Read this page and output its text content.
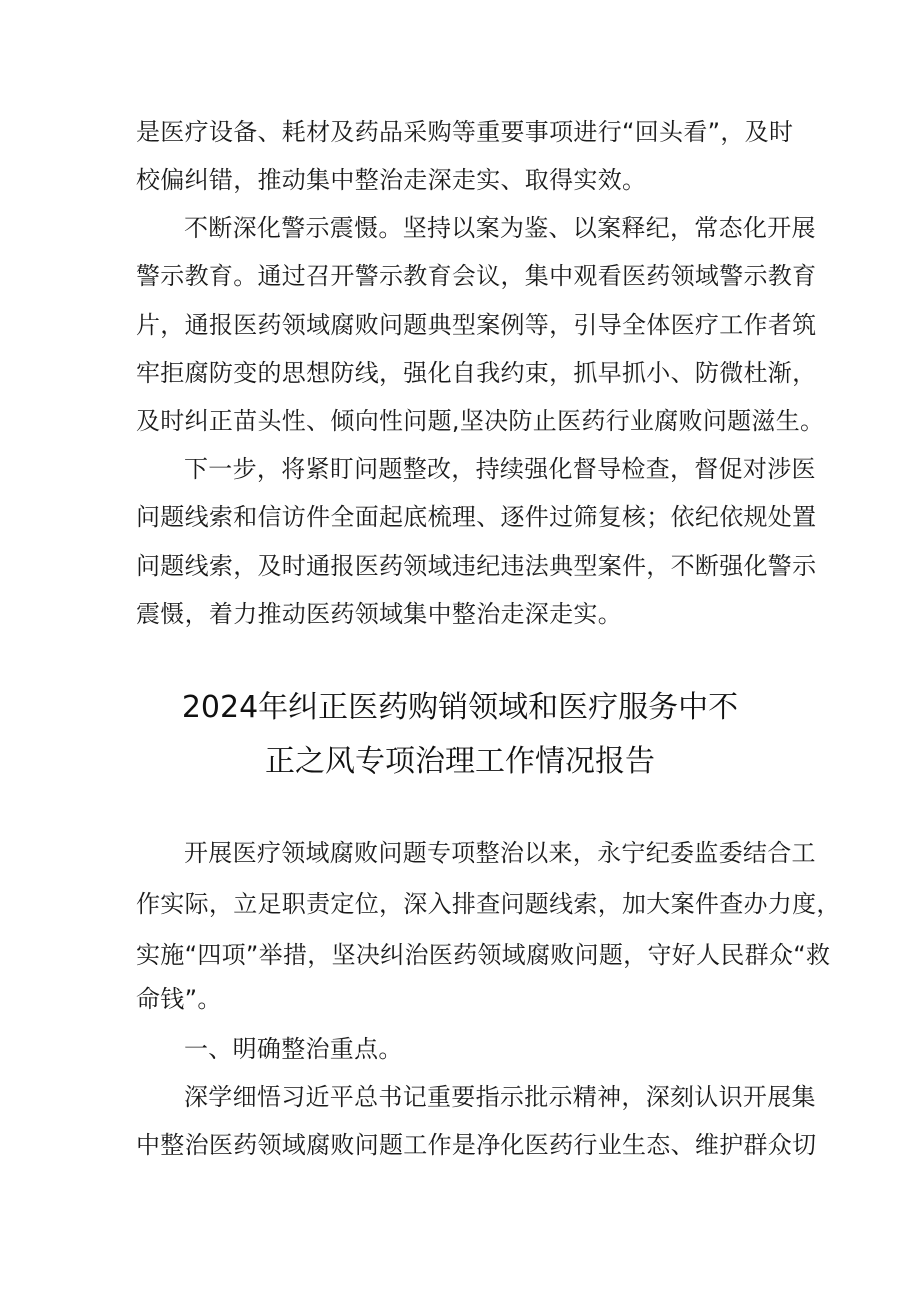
是医疗设备、耗材及药品采购等重要事项进行“回头看”，及时
校偏纠错，推动集中整治走深走实、取得实效。
不断深化警示震慑。坚持以案为鉴、以案释纪，常态化开展
警示教育。通过召开警示教育会议，集中观看医药领域警示教育
片，通报医药领域腐败问题典型案例等，引导全体医疗工作者筑
牢拒腐防变的思想防线，强化自我约束，抓早抓小、防微杜渐，
及时纠正苗头性、倾向性问题,坚决防止医药行业腐败问题滋生。
下一步，将紧盯问题整改，持续强化督导检查，督促对涉医
问题线索和信访件全面起底梳理、逐件过筛复核；依纪依规处置
问题线索，及时通报医药领域违纪违法典型案件，不断强化警示
震慑，着力推动医药领域集中整治走深走实。
2024年纠正医药购销领域和医疗服务中不
正之风专项治理工作情况报告
开展医疗领域腐败问题专项整治以来，永宁纪委监委结合工
作实际，立足职责定位，深入排查问题线索，加大案件查办力度，
实施“四项”举措，坚决纠治医药领域腐败问题，守好人民群众“救
命钱”。
一、明确整治重点。
深学细悟习近平总书记重要指示批示精神，深刻认识开展集
中整治医药领域腐败问题工作是净化医药行业生态、维护群众切
